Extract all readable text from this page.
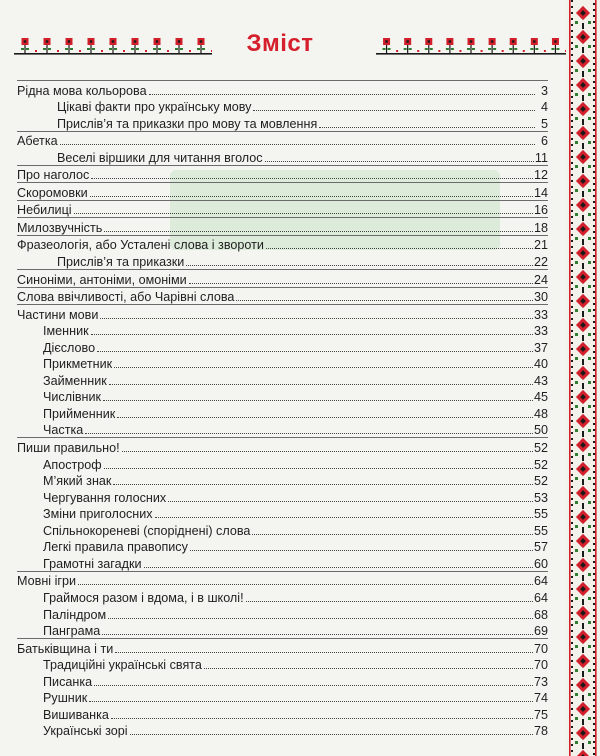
Зміст
Рідна мова кольорова	3
Цікаві факти про українську мову	4
Прислів’я та приказки про мову та мовлення	5
Абетка	6
Веселі віршики для читання вголос	11
Про наголос	12
Скоромовки	14
Небилиці	16
Милозвучність	18
Фразеологія, або Усталені слова і звороти	21
Прислів’я та приказки	22
Синоніми, антоніми, омоніми	24
Слова ввічливості, або Чарівні слова	30
Частини мови	33
Іменник	33
Дієслово	37
Прикметник	40
Займенник	43
Числівник	45
Прийменник	48
Частка	50
Пиши правильно!	52
Апостроф	52
М’який знак	52
Чергування голосних	53
Зміни приголосних	55
Спільнокореневі (споріднені) слова	55
Легкі правила правопису	57
Грамотні загадки	60
Мовні ігри	64
Граймося разом і вдома, і в школі!	64
Паліндром	68
Панграма	69
Батьківщина і ти	70
Традиційні українські свята	70
Писанка	73
Рушник	74
Вишиванка	75
Українські зорі	78
